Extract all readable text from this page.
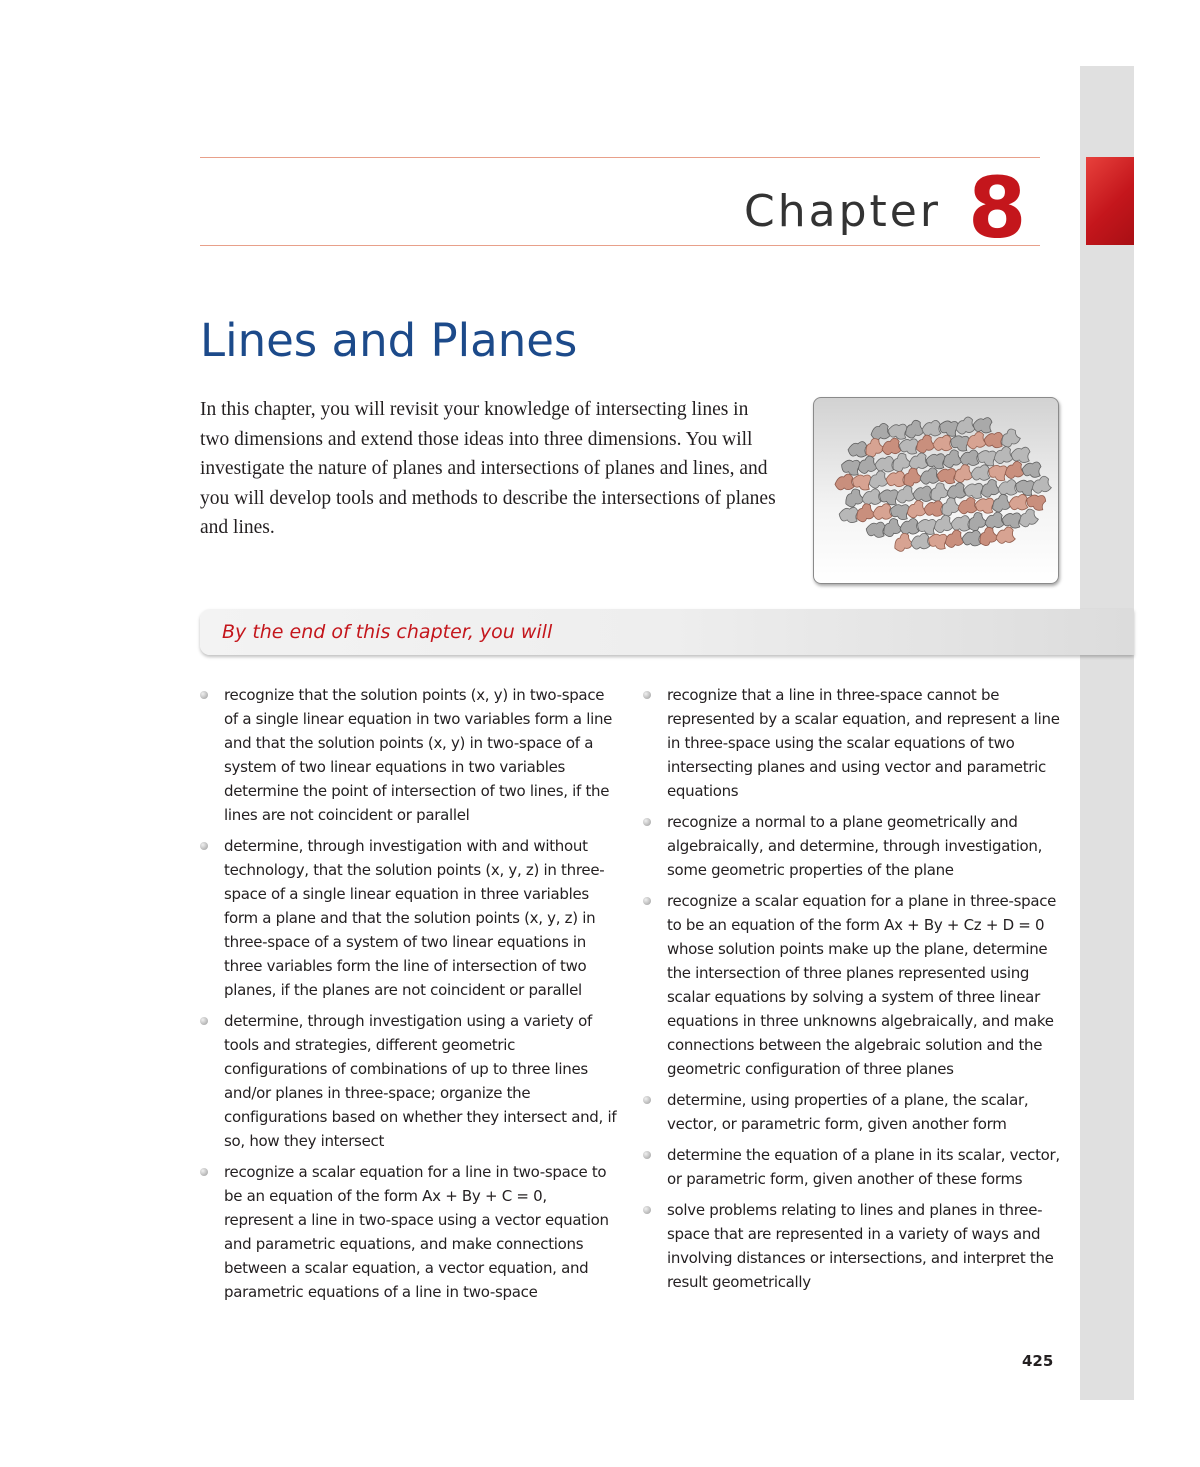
Chapter 8
Lines and Planes

In this chapter, you will revisit your knowledge of intersecting lines in two dimensions and extend those ideas into three dimensions. You will investigate the nature of planes and intersections of planes and lines, and you will develop tools and methods to describe the intersections of planes and lines.

By the end of this chapter, you will
recognize that the solution points (x, y) in two-space of a single linear equation in two variables form a line and that the solution points (x, y) in two-space of a system of two linear equations in two variables determine the point of intersection of two lines, if the lines are not coincident or parallel
determine, through investigation with and without technology, that the solution points (x, y, z) in three-space of a single linear equation in three variables form a plane and that the solution points (x, y, z) in three-space of a system of two linear equations in three variables form the line of intersection of two planes, if the planes are not coincident or parallel
determine, through investigation using a variety of tools and strategies, different geometric configurations of combinations of up to three lines and/or planes in three-space; organize the configurations based on whether they intersect and, if so, how they intersect
recognize a scalar equation for a line in two-space to be an equation of the form Ax + By + C = 0, represent a line in two-space using a vector equation and parametric equations, and make connections between a scalar equation, a vector equation, and parametric equations of a line in two-space
recognize that a line in three-space cannot be represented by a scalar equation, and represent a line in three-space using the scalar equations of two intersecting planes and using vector and parametric equations
recognize a normal to a plane geometrically and algebraically, and determine, through investigation, some geometric properties of the plane
recognize a scalar equation for a plane in three-space to be an equation of the form Ax + By + Cz + D = 0 whose solution points make up the plane, determine the intersection of three planes represented using scalar equations by solving a system of three linear equations in three unknowns algebraically, and make connections between the algebraic solution and the geometric configuration of three planes
determine, using properties of a plane, the scalar, vector, or parametric form, given another form
determine the equation of a plane in its scalar, vector, or parametric form, given another of these forms
solve problems relating to lines and planes in three-space that are represented in a variety of ways and involving distances or intersections, and interpret the result geometrically
425
